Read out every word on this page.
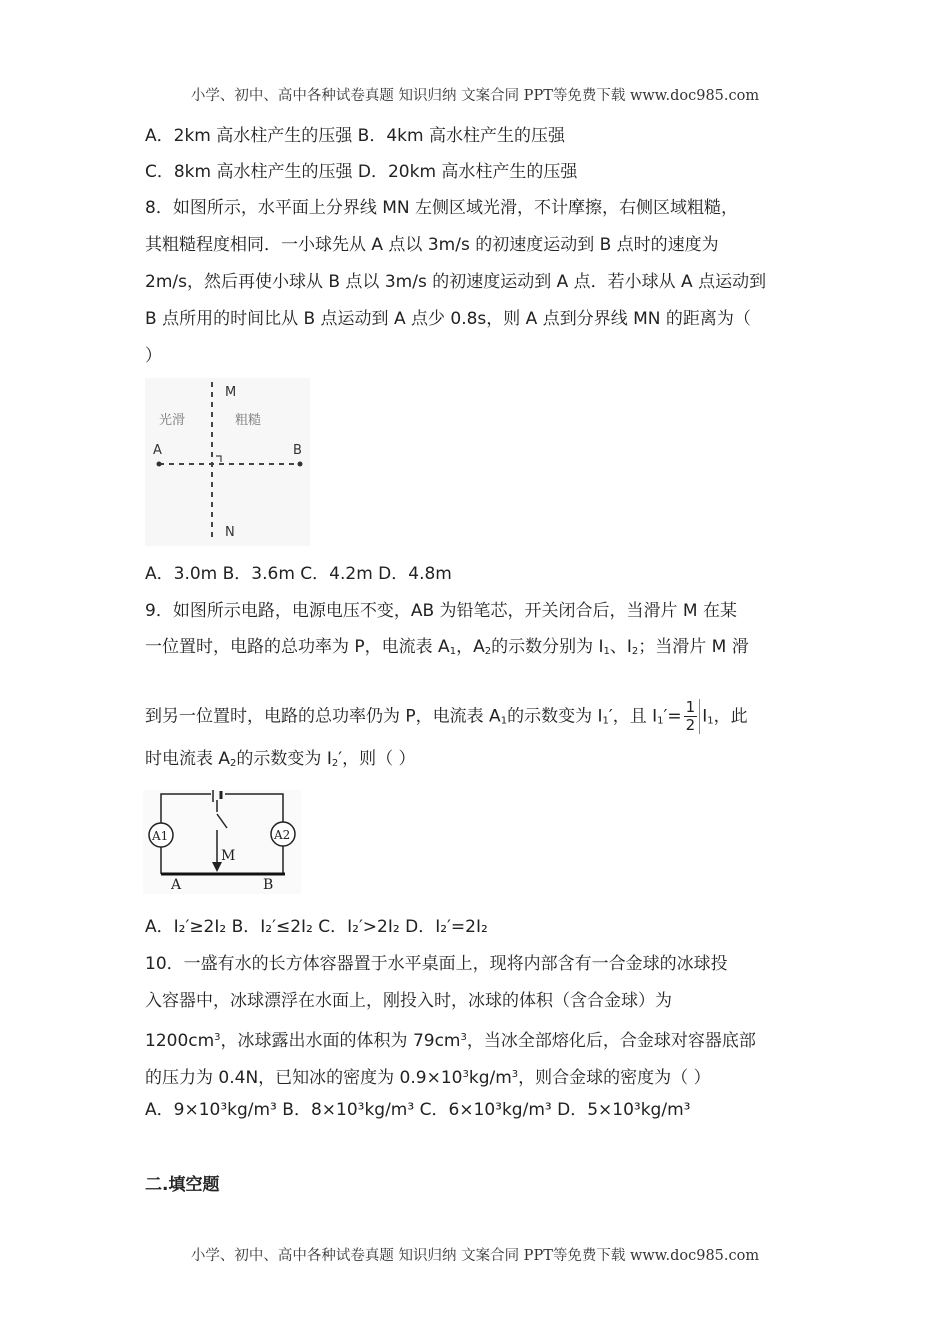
小学、初中、高中各种试卷真题 知识归纳 文案合同 PPT等免费下载 www.doc985.com
A．2km 高水柱产生的压强 B．4km 高水柱产生的压强
C．8km 高水柱产生的压强 D．20km 高水柱产生的压强
8．如图所示，水平面上分界线 MN 左侧区域光滑，不计摩擦，右侧区域粗糙，
其粗糙程度相同．一小球先从 A 点以 3m/s 的初速度运动到 B 点时的速度为
2m/s，然后再使小球从 B 点以 3m/s 的初速度运动到 A 点．若小球从 A 点运动到
B 点所用的时间比从 B 点运动到 A 点少 0.8s，则 A 点到分界线 MN 的距离为（
）
M
N
A	B
光滑	粗糙
A．3.0m B．3.6m C．4.2m D．4.8m
9．如图所示电路，电源电压不变，AB 为铅笔芯，开关闭合后，当滑片 M 在某
一位置时，电路的总功率为 P，电流表 $A_1$，$A_2$的示数分别为 $I_1$、$I_2$；当滑片 M 滑
到另一位置时，电路的总功率仍为 P，电流表 $A_1$的示数变为 $I_1'$，且 $I_1'= \frac{1}{2} I_1$，此
时电流表 $A_2$的示数变为 $I_2'$，则（ ）
A1	A2
M
A	B
A．I₂′≥2I₂ B．I₂′≤2I₂ C．I₂′>2I₂ D．I₂′=2I₂
10．一盛有水的长方体容器置于水平桌面上，现将内部含有一合金球的冰球投
入容器中，冰球漂浮在水面上，刚投入时，冰球的体积（含合金球）为
$1200cm^3$，冰球露出水面的体积为 $79cm^3$，当冰全部熔化后，合金球对容器底部
的压力为 0.4N，已知冰的密度为 $0.9\times 10^3kg/m^3$，则合金球的密度为（ ）
A．9×10³kg/m³ B．8×10³kg/m³ C．6×10³kg/m³ D．5×10³kg/m³
二.填空题
小学、初中、高中各种试卷真题 知识归纳 文案合同 PPT等免费下载 www.doc985.com
